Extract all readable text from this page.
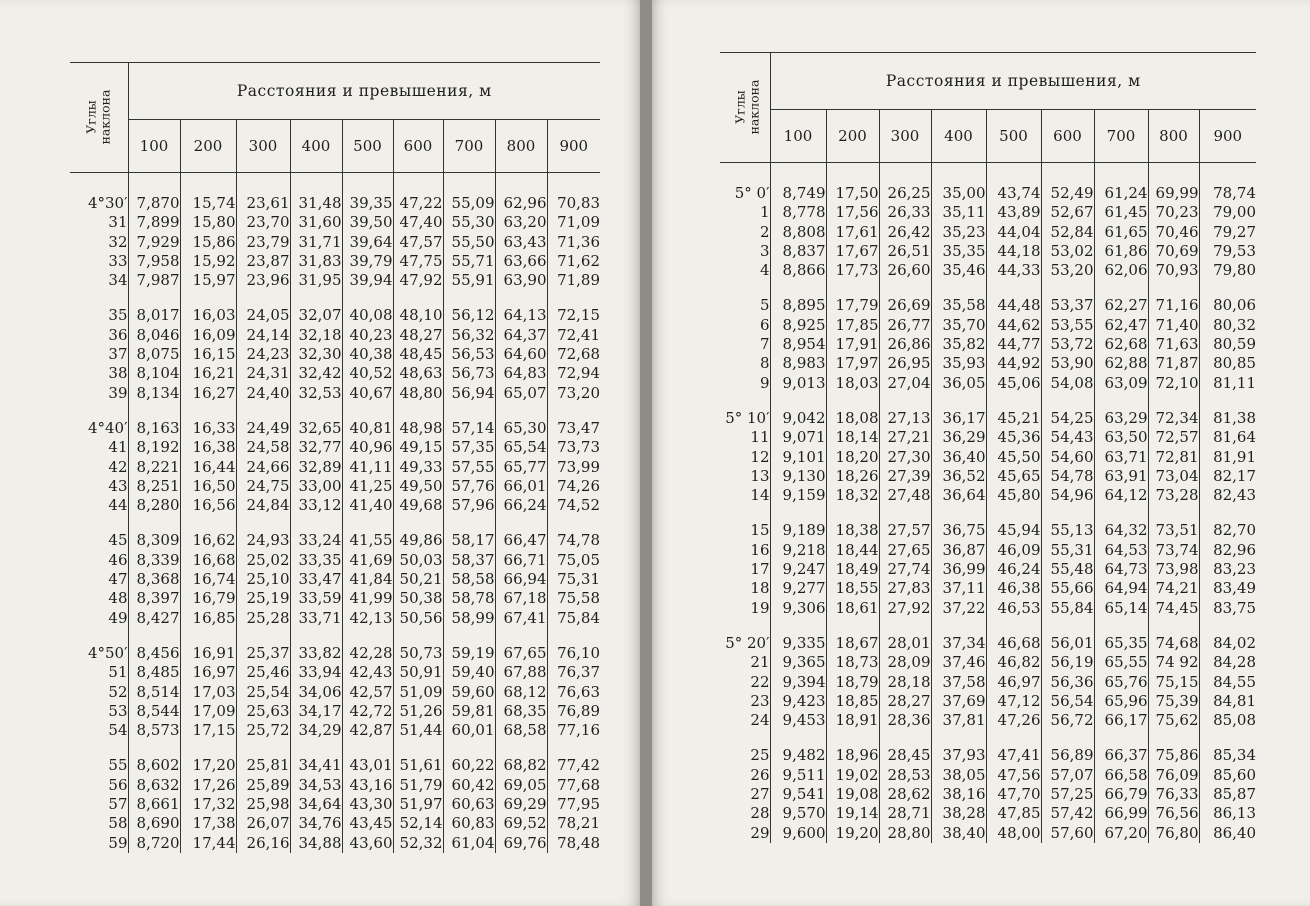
Углы
наклона	Расстояния и превышения, м								
	100	200	300	400	500	600	700	800	900

4°30′	7,870	15,74	23,61	31,48	39,35	47,22	55,09	62,96	70,83
31	7,899	15,80	23,70	31,60	39,50	47,40	55,30	63,20	71,09
32	7,929	15,86	23,79	31,71	39,64	47,57	55,50	63,43	71,36
33	7,958	15,92	23,87	31,83	39,79	47,75	55,71	63,66	71,62
34	7,987	15,97	23,96	31,95	39,94	47,92	55,91	63,90	71,89

35	8,017	16,03	24,05	32,07	40,08	48,10	56,12	64,13	72,15
36	8,046	16,09	24,14	32,18	40,23	48,27	56,32	64,37	72,41
37	8,075	16,15	24,23	32,30	40,38	48,45	56,53	64,60	72,68
38	8,104	16,21	24,31	32,42	40,52	48,63	56,73	64,83	72,94
39	8,134	16,27	24,40	32,53	40,67	48,80	56,94	65,07	73,20

4°40′	8,163	16,33	24,49	32,65	40,81	48,98	57,14	65,30	73,47
41	8,192	16,38	24,58	32,77	40,96	49,15	57,35	65,54	73,73
42	8,221	16,44	24,66	32,89	41,11	49,33	57,55	65,77	73,99
43	8,251	16,50	24,75	33,00	41,25	49,50	57,76	66,01	74,26
44	8,280	16,56	24,84	33,12	41,40	49,68	57,96	66,24	74,52

45	8,309	16,62	24,93	33,24	41,55	49,86	58,17	66,47	74,78
46	8,339	16,68	25,02	33,35	41,69	50,03	58,37	66,71	75,05
47	8,368	16,74	25,10	33,47	41,84	50,21	58,58	66,94	75,31
48	8,397	16,79	25,19	33,59	41,99	50,38	58,78	67,18	75,58
49	8,427	16,85	25,28	33,71	42,13	50,56	58,99	67,41	75,84

4°50′	8,456	16,91	25,37	33,82	42,28	50,73	59,19	67,65	76,10
51	8,485	16,97	25,46	33,94	42,43	50,91	59,40	67,88	76,37
52	8,514	17,03	25,54	34,06	42,57	51,09	59,60	68,12	76,63
53	8,544	17,09	25,63	34,17	42,72	51,26	59,81	68,35	76,89
54	8,573	17,15	25,72	34,29	42,87	51,44	60,01	68,58	77,16

55	8,602	17,20	25,81	34,41	43,01	51,61	60,22	68,82	77,42
56	8,632	17,26	25,89	34,53	43,16	51,79	60,42	69,05	77,68
57	8,661	17,32	25,98	34,64	43,30	51,97	60,63	69,29	77,95
58	8,690	17,38	26,07	34,76	43,45	52,14	60,83	69,52	78,21
59	8,720	17,44	26,16	34,88	43,60	52,32	61,04	69,76	78,48
Углы
наклона	Расстояния и превышения, м								
	100	200	300	400	500	600	700	800	900

5° 0′	8,749	17,50	26,25	35,00	43,74	52,49	61,24	69,99	78,74
1	8,778	17,56	26,33	35,11	43,89	52,67	61,45	70,23	79,00
2	8,808	17,61	26,42	35,23	44,04	52,84	61,65	70,46	79,27
3	8,837	17,67	26,51	35,35	44,18	53,02	61,86	70,69	79,53
4	8,866	17,73	26,60	35,46	44,33	53,20	62,06	70,93	79,80

5	8,895	17,79	26,69	35,58	44,48	53,37	62,27	71,16	80,06
6	8,925	17,85	26,77	35,70	44,62	53,55	62,47	71,40	80,32
7	8,954	17,91	26,86	35,82	44,77	53,72	62,68	71,63	80,59
8	8,983	17,97	26,95	35,93	44,92	53,90	62,88	71,87	80,85
9	9,013	18,03	27,04	36,05	45,06	54,08	63,09	72,10	81,11

5° 10′	9,042	18,08	27,13	36,17	45,21	54,25	63,29	72,34	81,38
11	9,071	18,14	27,21	36,29	45,36	54,43	63,50	72,57	81,64
12	9,101	18,20	27,30	36,40	45,50	54,60	63,71	72,81	81,91
13	9,130	18,26	27,39	36,52	45,65	54,78	63,91	73,04	82,17
14	9,159	18,32	27,48	36,64	45,80	54,96	64,12	73,28	82,43

15	9,189	18,38	27,57	36,75	45,94	55,13	64,32	73,51	82,70
16	9,218	18,44	27,65	36,87	46,09	55,31	64,53	73,74	82,96
17	9,247	18,49	27,74	36,99	46,24	55,48	64,73	73,98	83,23
18	9,277	18,55	27,83	37,11	46,38	55,66	64,94	74,21	83,49
19	9,306	18,61	27,92	37,22	46,53	55,84	65,14	74,45	83,75

5° 20′	9,335	18,67	28,01	37,34	46,68	56,01	65,35	74,68	84,02
21	9,365	18,73	28,09	37,46	46,82	56,19	65,55	74 92	84,28
22	9,394	18,79	28,18	37,58	46,97	56,36	65,76	75,15	84,55
23	9,423	18,85	28,27	37,69	47,12	56,54	65,96	75,39	84,81
24	9,453	18,91	28,36	37,81	47,26	56,72	66,17	75,62	85,08

25	9,482	18,96	28,45	37,93	47,41	56,89	66,37	75,86	85,34
26	9,511	19,02	28,53	38,05	47,56	57,07	66,58	76,09	85,60
27	9,541	19,08	28,62	38,16	47,70	57,25	66,79	76,33	85,87
28	9,570	19,14	28,71	38,28	47,85	57,42	66,99	76,56	86,13
29	9,600	19,20	28,80	38,40	48,00	57,60	67,20	76,80	86,40
